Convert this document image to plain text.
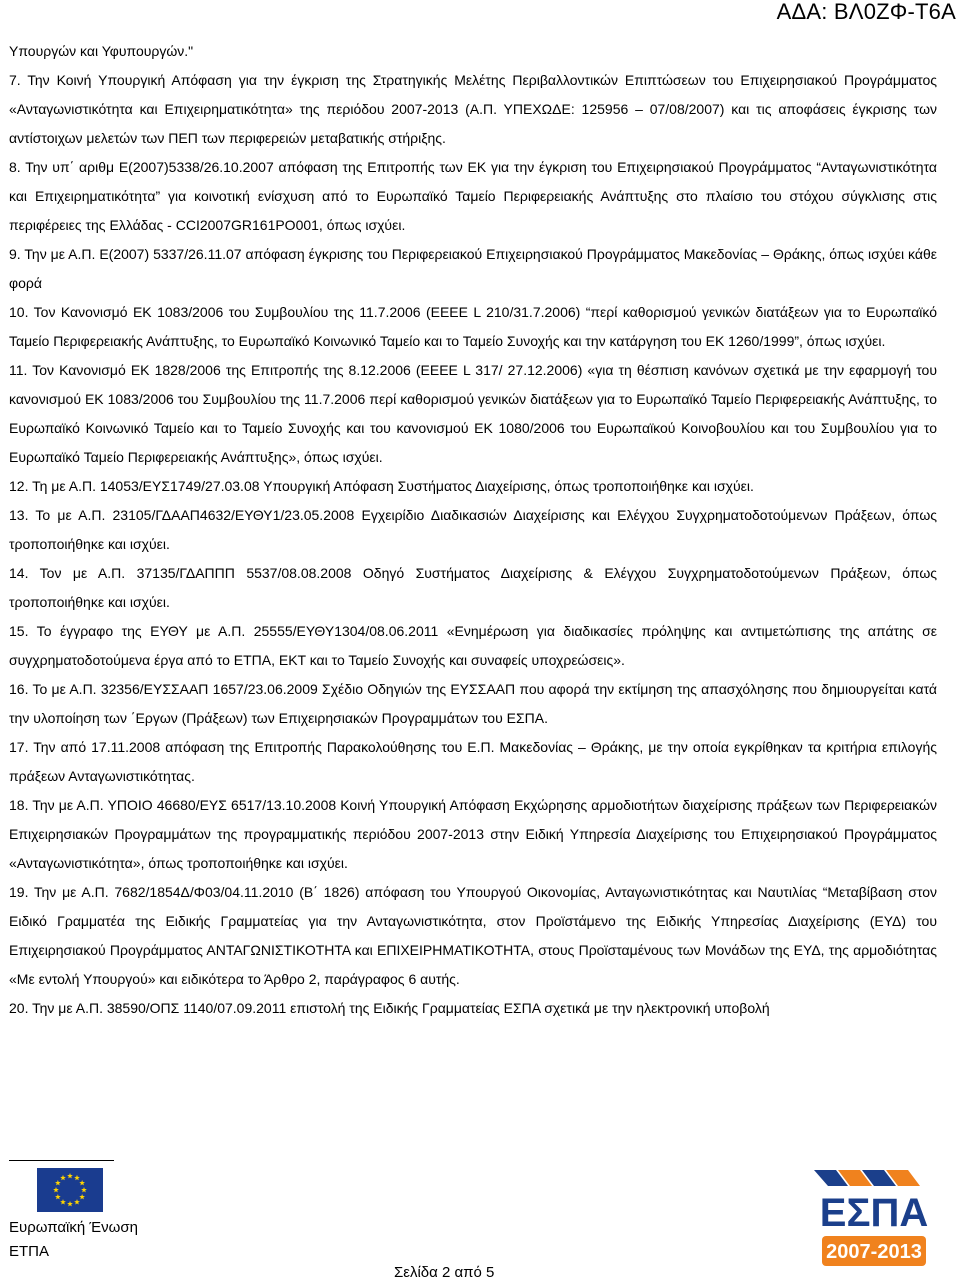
ΑΔΑ: ΒΛ0ΖΦ-Τ6Α

Υπουργών και Υφυπουργών."

7. Την Κοινή Υπουργική Απόφαση για την έγκριση της Στρατηγικής Μελέτης Περιβαλλοντικών Επιπτώσεων του Επιχειρησιακού Προγράμματος «Ανταγωνιστικότητα και Επιχειρηματικότητα» της περιόδου 2007-2013 (Α.Π. ΥΠΕΧΩΔΕ: 125956 – 07/08/2007) και τις αποφάσεις έγκρισης των αντίστοιχων μελετών των ΠΕΠ των περιφερειών μεταβατικής στήριξης.

8. Την υπ΄ αριθμ Ε(2007)5338/26.10.2007 απόφαση της Επιτροπής των ΕΚ για την έγκριση του Επιχειρησιακού Προγράμματος “Ανταγωνιστικότητα και Επιχειρηματικότητα” για κοινοτική ενίσχυση από το Ευρωπαϊκό Ταμείο Περιφερειακής Ανάπτυξης στο πλαίσιο του στόχου σύγκλισης στις περιφέρειες της Ελλάδας - CCI2007GR161PO001, όπως ισχύει.

9. Την με Α.Π. Ε(2007) 5337/26.11.07 απόφαση έγκρισης του Περιφερειακού Επιχειρησιακού Προγράμματος Μακεδονίας – Θράκης, όπως ισχύει κάθε φορά

10. Τον Κανονισμό ΕΚ 1083/2006 του Συμβουλίου της 11.7.2006 (ΕΕΕΕ L 210/31.7.2006) “περί καθορισμού γενικών διατάξεων για το Ευρωπαϊκό Ταμείο Περιφερειακής Ανάπτυξης, το Ευρωπαϊκό Κοινωνικό Ταμείο και το Ταμείο Συνοχής και την κατάργηση του ΕΚ 1260/1999”, όπως ισχύει.

11. Τον Κανονισμό ΕΚ 1828/2006 της Επιτροπής της 8.12.2006 (ΕΕΕΕ L 317/ 27.12.2006) «για τη θέσπιση κανόνων σχετικά με την εφαρμογή του κανονισμού ΕΚ 1083/2006 του Συμβουλίου της 11.7.2006 περί καθορισμού γενικών διατάξεων για το Ευρωπαϊκό Ταμείο Περιφερειακής Ανάπτυξης, το Ευρωπαϊκό Κοινωνικό Ταμείο και το Ταμείο Συνοχής και του κανονισμού ΕΚ 1080/2006 του Ευρωπαϊκού Κοινοβουλίου και του Συμβουλίου για το Ευρωπαϊκό Ταμείο Περιφερειακής Ανάπτυξης», όπως ισχύει.

12. Τη με Α.Π. 14053/ΕΥΣ1749/27.03.08 Υπουργική Απόφαση Συστήματος Διαχείρισης, όπως τροποποιήθηκε και ισχύει.

13. Το με Α.Π. 23105/ΓΔΑΑΠ4632/ΕΥΘΥ1/23.05.2008 Εγχειρίδιο Διαδικασιών Διαχείρισης και Ελέγχου Συγχρηματοδοτούμενων Πράξεων, όπως τροποποιήθηκε και ισχύει.

14. Τον με Α.Π. 37135/ΓΔΑΠΠΠ 5537/08.08.2008 Οδηγό Συστήματος Διαχείρισης & Ελέγχου Συγχρηματοδοτούμενων Πράξεων, όπως τροποποιήθηκε και ισχύει.

15. Το έγγραφο της ΕΥΘΥ με Α.Π. 25555/ΕΥΘΥ1304/08.06.2011 «Ενημέρωση για διαδικασίες πρόληψης και αντιμετώπισης της απάτης σε συγχρηματοδοτούμενα έργα από το ΕΤΠΑ, ΕΚΤ και το Ταμείο Συνοχής και συναφείς υποχρεώσεις».

16. Το με Α.Π. 32356/ΕΥΣΣΑΑΠ 1657/23.06.2009 Σχέδιο Οδηγιών της ΕΥΣΣΑΑΠ που αφορά την εκτίμηση της απασχόλησης που δημιουργείται κατά την υλοποίηση των ΄Εργων (Πράξεων) των Επιχειρησιακών Προγραμμάτων του ΕΣΠΑ.

17. Την από 17.11.2008 απόφαση της Επιτροπής Παρακολούθησης του Ε.Π. Μακεδονίας – Θράκης, με την οποία εγκρίθηκαν τα κριτήρια επιλογής πράξεων Ανταγωνιστικότητας.

18. Την με Α.Π. ΥΠΟΙΟ 46680/ΕΥΣ 6517/13.10.2008 Κοινή Υπουργική Απόφαση Εκχώρησης αρμοδιοτήτων διαχείρισης πράξεων των Περιφερειακών Επιχειρησιακών Προγραμμάτων της προγραμματικής περιόδου 2007-2013 στην Ειδική Υπηρεσία Διαχείρισης του Επιχειρησιακού Προγράμματος «Ανταγωνιστικότητα», όπως τροποποιήθηκε και ισχύει.

19. Την με Α.Π. 7682/1854Δ/Φ03/04.11.2010 (Β΄ 1826) απόφαση του Υπουργού Οικονομίας, Ανταγωνιστικότητας και Ναυτιλίας “Μεταβίβαση στον Ειδικό Γραμματέα της Ειδικής Γραμματείας για την Ανταγωνιστικότητα, στον Προϊστάμενο της Ειδικής Υπηρεσίας Διαχείρισης (ΕΥΔ) του Επιχειρησιακού Προγράμματος ΑΝΤΑΓΩΝΙΣΤΙΚΟΤΗΤΑ και ΕΠΙΧΕΙΡΗΜΑΤΙΚΟΤΗΤΑ, στους Προϊσταμένους των Μονάδων της ΕΥΔ, της αρμοδιότητας «Με εντολή Υπουργού» και ειδικότερα το Άρθρο 2, παράγραφος 6 αυτής.

20. Την με Α.Π. 38590/ΟΠΣ 1140/07.09.2011 επιστολή της Ειδικής Γραμματείας ΕΣΠΑ σχετικά με την ηλεκτρονική υποβολή

Ευρωπαϊκή Ένωση
ΕΤΠΑ
Σελίδα 2 από 5
ΕΣΠΑ
2007-2013
